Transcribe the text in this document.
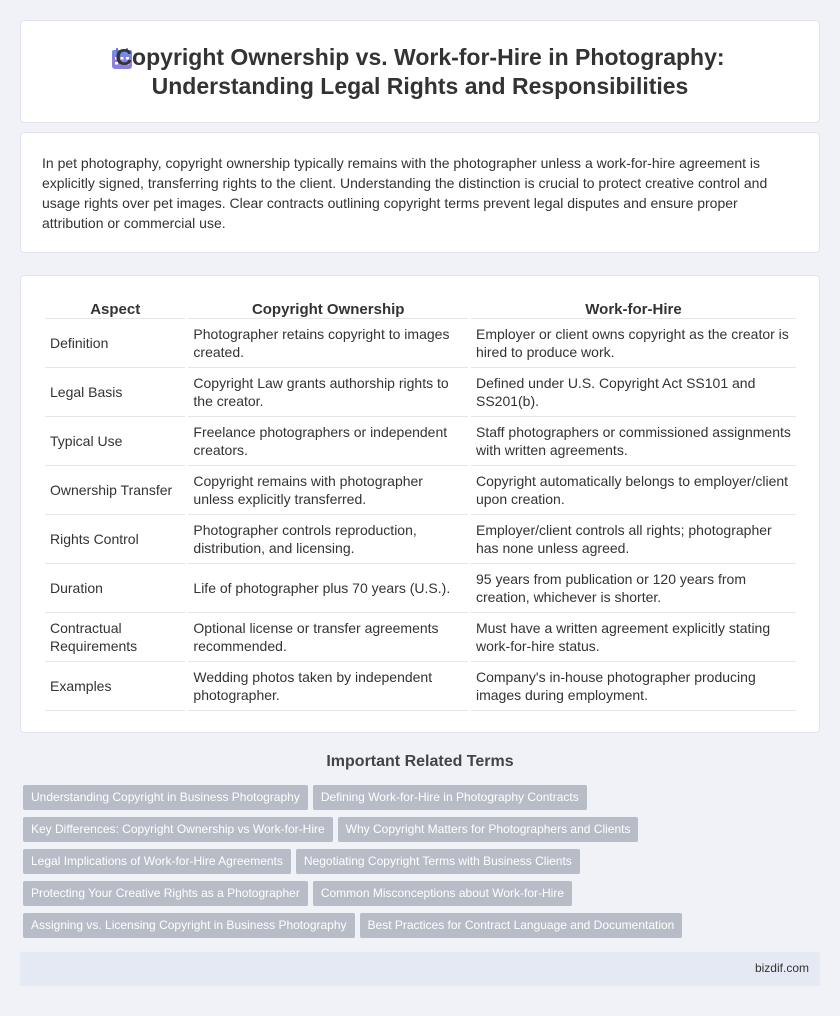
Copyright Ownership vs. Work-for-Hire in Photography:
Understanding Legal Rights and Responsibilities

In pet photography, copyright ownership typically remains with the photographer unless a work-for-hire agreement is explicitly signed, transferring rights to the client. Understanding the distinction is crucial to protect creative control and usage rights over pet images. Clear contracts outlining copyright terms prevent legal disputes and ensure proper attribution or commercial use.

Aspect	Copyright Ownership	Work-for-Hire
Definition	Photographer retains copyright to images created.	Employer or client owns copyright as the creator is hired to produce work.
Legal Basis	Copyright Law grants authorship rights to the creator.	Defined under U.S. Copyright Act SS101 and SS201(b).
Typical Use	Freelance photographers or independent creators.	Staff photographers or commissioned assignments with written agreements.
Ownership Transfer	Copyright remains with photographer unless explicitly transferred.	Copyright automatically belongs to employer/client upon creation.
Rights Control	Photographer controls reproduction, distribution, and licensing.	Employer/client controls all rights; photographer has none unless agreed.
Duration	Life of photographer plus 70 years (U.S.).	95 years from publication or 120 years from creation, whichever is shorter.
Contractual Requirements	Optional license or transfer agreements recommended.	Must have a written agreement explicitly stating work-for-hire status.
Examples	Wedding photos taken by independent photographer.	Company's in-house photographer producing images during employment.
Important Related Terms
Understanding Copyright in Business Photography Defining Work-for-Hire in Photography Contracts
Key Differences: Copyright Ownership vs Work-for-Hire Why Copyright Matters for Photographers and Clients
Legal Implications of Work-for-Hire Agreements Negotiating Copyright Terms with Business Clients
Protecting Your Creative Rights as a Photographer Common Misconceptions about Work-for-Hire
Assigning vs. Licensing Copyright in Business Photography Best Practices for Contract Language and Documentation
bizdif.com
